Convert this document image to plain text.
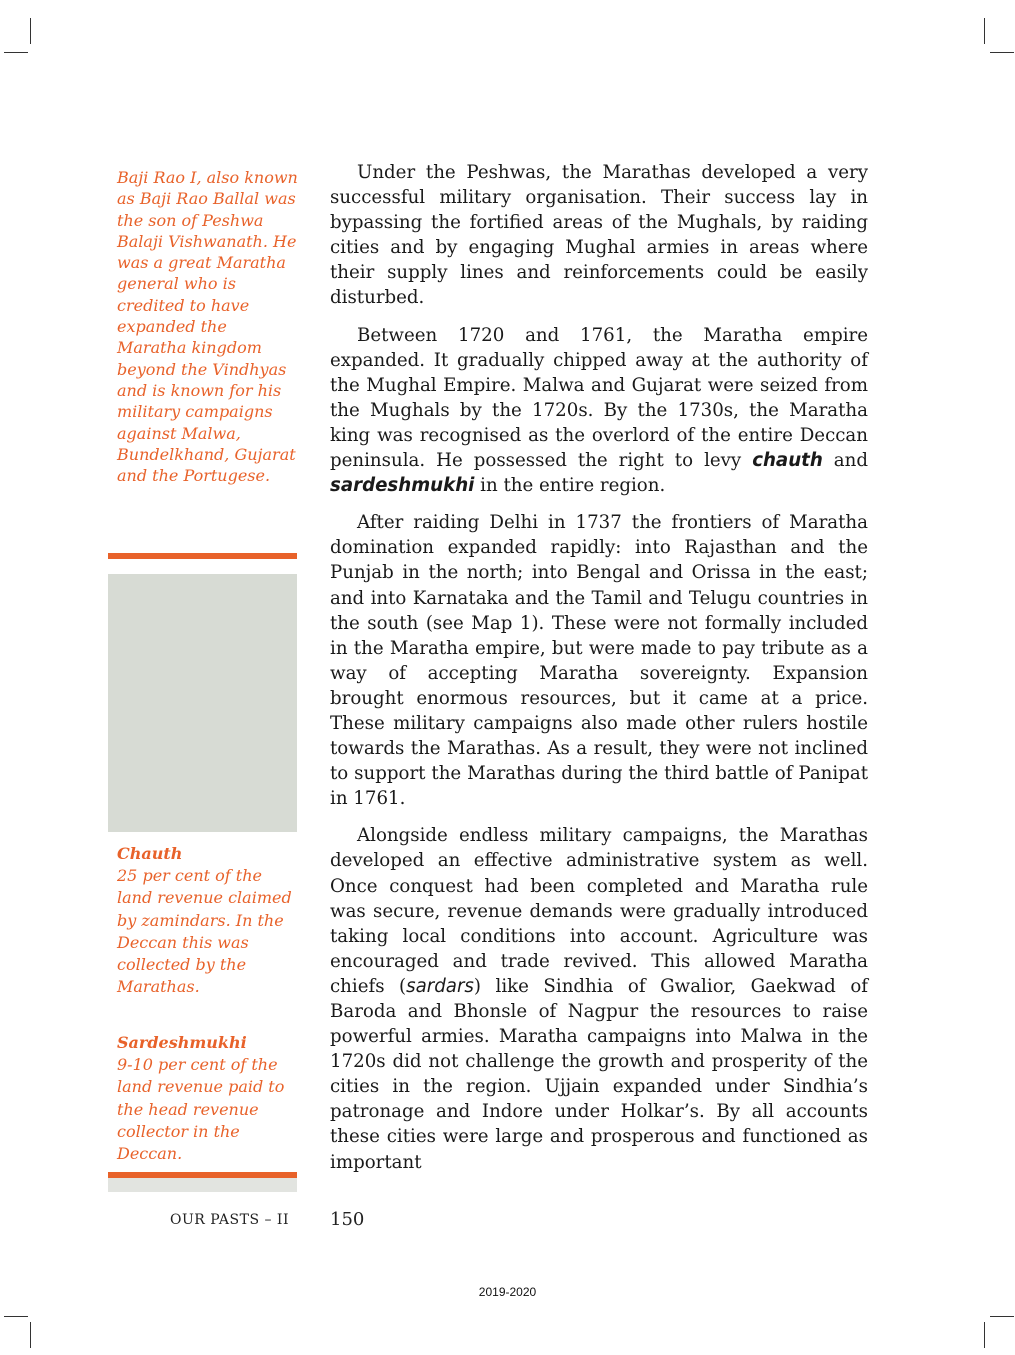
Baji Rao I, also known as Baji Rao Ballal was the son of Peshwa Balaji Vishwanath. He was a great Maratha general who is credited to have expanded the Maratha kingdom beyond the Vindhyas and is known for his military campaigns against Malwa, Bundelkhand, Gujarat and the Portugese.
Chauth
25 per cent of the land revenue claimed by zamindars. In the Deccan this was collected by the Marathas.
Sardeshmukhi
9-10 per cent of the land revenue paid to the head revenue collector in the Deccan.

Under the Peshwas, the Marathas developed a very successful military organisation. Their success lay in bypassing the fortified areas of the Mughals, by raiding cities and by engaging Mughal armies in areas where their supply lines and reinforcements could be easily disturbed.

Between 1720 and 1761, the Maratha empire expanded. It gradually chipped away at the authority of the Mughal Empire. Malwa and Gujarat were seized from the Mughals by the 1720s. By the 1730s, the Maratha king was recognised as the overlord of the entire Deccan peninsula. He possessed the right to levy chauth and sardeshmukhi in the entire region.

After raiding Delhi in 1737 the frontiers of Maratha domination expanded rapidly: into Rajasthan and the Punjab in the north; into Bengal and Orissa in the east; and into Karnataka and the Tamil and Telugu countries in the south (see Map 1). These were not formally included in the Maratha empire, but were made to pay tribute as a way of accepting Maratha sovereignty. Expansion brought enormous resources, but it came at a price. These military campaigns also made other rulers hostile towards the Marathas. As a result, they were not inclined to support the Marathas during the third battle of Panipat in 1761.

Alongside endless military campaigns, the Marathas developed an effective administrative system as well. Once conquest had been completed and Maratha rule was secure, revenue demands were gradually introduced taking local conditions into account. Agriculture was encouraged and trade revived. This allowed Maratha chiefs (sardars) like Sindhia of Gwalior, Gaekwad of Baroda and Bhonsle of Nagpur the resources to raise powerful armies. Maratha campaigns into Malwa in the 1720s did not challenge the growth and prosperity of the cities in the region. Ujjain expanded under Sindhia’s patronage and Indore under Holkar’s. By all accounts these cities were large and prosperous and functioned as important

OUR PASTS – II 150
2019-2020
